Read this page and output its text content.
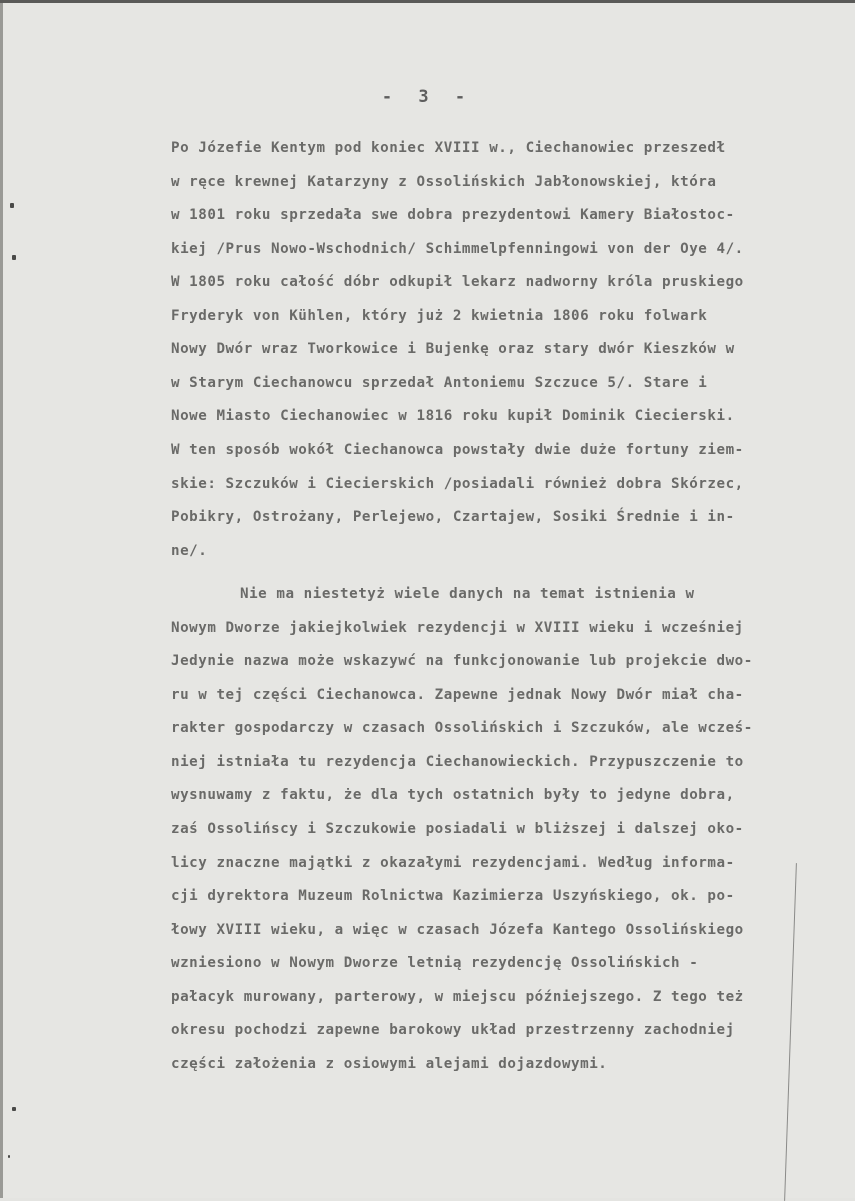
- 3 -
Po Józefie Kentym pod koniec XVIII w., Ciechanowiec przeszedł
w ręce krewnej Katarzyny z Ossolińskich Jabłonowskiej, która
w 1801 roku sprzedała swe dobra prezydentowi Kamery Białostoc-
kiej /Prus Nowo-Wschodnich/ Schimmelpfenningowi von der Oye 4/.
W 1805 roku całość dóbr odkupił lekarz nadworny króla pruskiego
Fryderyk von Kühlen, który już 2 kwietnia 1806 roku folwark
Nowy Dwór wraz Tworkowice i Bujenkę oraz stary dwór Kieszków w
w Starym Ciechanowcu sprzedał Antoniemu Szczuce 5/. Stare i
Nowe Miasto Ciechanowiec w 1816 roku kupił Dominik Ciecierski.
W ten sposób wokół Ciechanowca powstały dwie duże fortuny ziem-
skie: Szczuków i Ciecierskich /posiadali również dobra Skórzec,
Pobikry, Ostrożany, Perlejewo, Czartajew, Sosiki Średnie i in-
ne/.
Nie ma niestetyż wiele danych na temat istnienia w
Nowym Dworze jakiejkolwiek rezydencji w XVIII wieku i wcześniej
Jedynie nazwa może wskazywć na funkcjonowanie lub projekcie dwo-
ru w tej części Ciechanowca. Zapewne jednak Nowy Dwór miał cha-
rakter gospodarczy w czasach Ossolińskich i Szczuków, ale wcześ-
niej istniała tu rezydencja Ciechanowieckich. Przypuszczenie to
wysnuwamy z faktu, że dla tych ostatnich były to jedyne dobra,
zaś Ossolińscy i Szczukowie posiadali w bliższej i dalszej oko-
licy znaczne majątki z okazałymi rezydencjami. Według informa-
cji dyrektora Muzeum Rolnictwa Kazimierza Uszyńskiego, ok. po-
łowy XVIII wieku, a więc w czasach Józefa Kantego Ossolińskiego
wzniesiono w Nowym Dworze letnią rezydencję Ossolińskich -
pałacyk murowany, parterowy, w miejscu późniejszego. Z tego też
okresu pochodzi zapewne barokowy układ przestrzenny zachodniej
części założenia z osiowymi alejami dojazdowymi.
